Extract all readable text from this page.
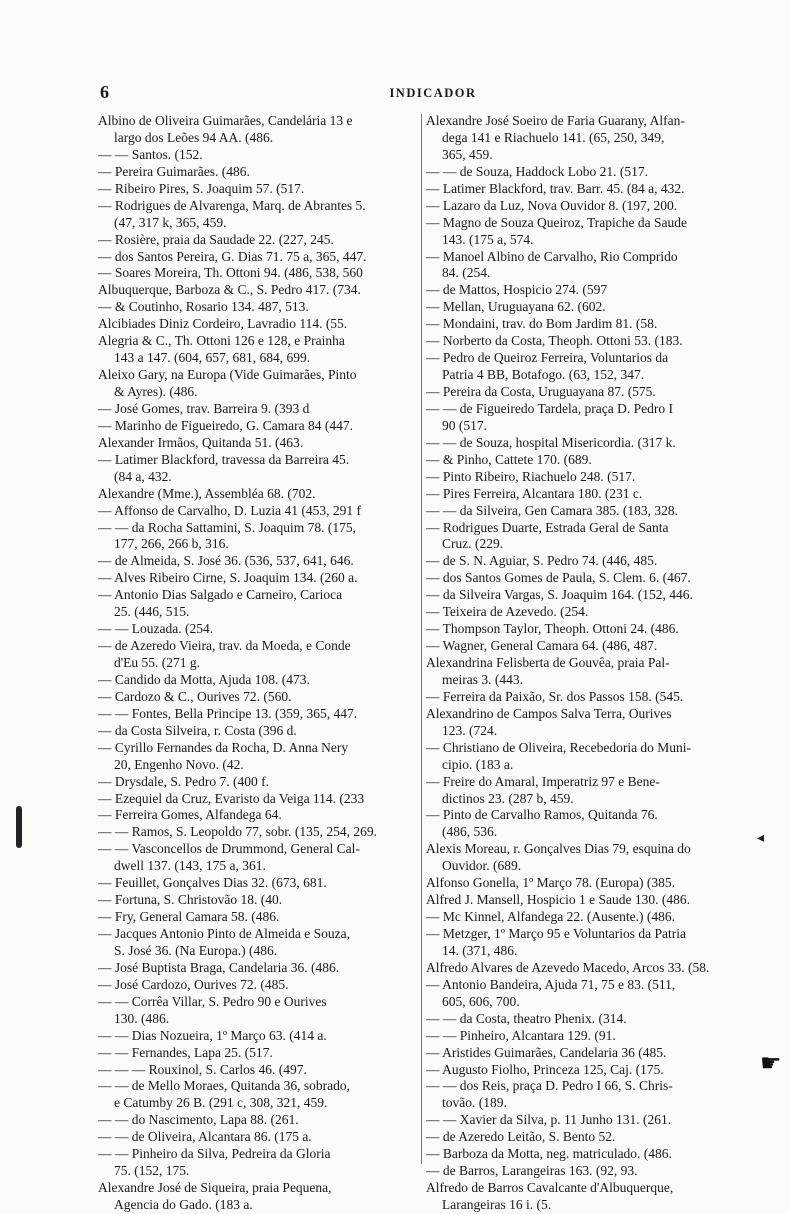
6	INDICADOR
Albino de Oliveira Guimarães, Candelária 13 e
largo dos Leões 94 AA. (486.
— — Santos. (152.
— Pereira Guimarães. (486.
— Ribeiro Pires, S. Joaquim 57. (517.
— Rodrigues de Alvarenga, Marq. de Abrantes 5.
(47, 317 k, 365, 459.
— Rosière, praia da Saudade 22. (227, 245.
— dos Santos Pereira, G. Dias 71. 75 a, 365, 447.
— Soares Moreira, Th. Ottoni 94. (486, 538, 560
Albuquerque, Barboza & C., S. Pedro 417. (734.
— & Coutinho, Rosario 134. 487, 513.
Alcibiades Diniz Cordeiro, Lavradio 114. (55.
Alegria & C., Th. Ottoni 126 e 128, e Prainha
143 a 147. (604, 657, 681, 684, 699.
Aleixo Gary, na Europa (Vide Guimarães, Pinto
& Ayres). (486.
— José Gomes, trav. Barreira 9. (393 d
— Marinho de Figueiredo, G. Camara 84 (447.
Alexander Irmãos, Quitanda 51. (463.
— Latimer Blackford, travessa da Barreira 45.
(84 a, 432.
Alexandre (Mme.), Assembléa 68. (702.
— Affonso de Carvalho, D. Luzia 41 (453, 291 f
— — da Rocha Sattamini, S. Joaquim 78. (175,
177, 266, 266 b, 316.
— de Almeida, S. José 36. (536, 537, 641, 646.
— Alves Ribeiro Cirne, S. Joaquim 134. (260 a.
— Antonio Dias Salgado e Carneiro, Carioca
25. (446, 515.
— — Louzada. (254.
— de Azeredo Vieira, trav. da Moeda, e Conde
d'Eu 55. (271 g.
— Candido da Motta, Ajuda 108. (473.
— Cardozo & C., Ourives 72. (560.
— — Fontes, Bella Principe 13. (359, 365, 447.
— da Costa Silveira, r. Costa (396 d.
— Cyrillo Fernandes da Rocha, D. Anna Nery
20, Engenho Novo. (42.
— Drysdale, S. Pedro 7. (400 f.
— Ezequiel da Cruz, Evaristo da Veiga 114. (233
— Ferreira Gomes, Alfandega 64.
— — Ramos, S. Leopoldo 77, sobr. (135, 254, 269.
— — Vasconcellos de Drummond, General Cal-
dwell 137. (143, 175 a, 361.
— Feuillet, Gonçalves Dias 32. (673, 681.
— Fortuna, S. Christovão 18. (40.
— Fry, General Camara 58. (486.
— Jacques Antonio Pinto de Almeida e Souza,
S. José 36. (Na Europa.) (486.
— José Buptista Braga, Candelaria 36. (486.
— José Cardozo, Ourives 72. (485.
— — Corrêa Villar, S. Pedro 90 e Ourives
130. (486.
— — Dias Nozueira, 1º Março 63. (414 a.
— — Fernandes, Lapa 25. (517.
— — — Rouxinol, S. Carlos 46. (497.
— — de Mello Moraes, Quitanda 36, sobrado,
e Catumby 26 B. (291 c, 308, 321, 459.
— — do Nascimento, Lapa 88. (261.
— — de Oliveira, Alcantara 86. (175 a.
— — Pinheiro da Silva, Pedreira da Gloria
75. (152, 175.
Alexandre José de Siqueira, praia Pequena,
Agencia do Gado. (183 a.
Alexandre José Soeiro de Faria Guarany, Alfan-
dega 141 e Riachuelo 141. (65, 250, 349,
365, 459.
— — de Souza, Haddock Lobo 21. (517.
— Latimer Blackford, trav. Barr. 45. (84 a, 432.
— Lazaro da Luz, Nova Ouvidor 8. (197, 200.
— Magno de Souza Queiroz, Trapiche da Saude
143. (175 a, 574.
— Manoel Albino de Carvalho, Rio Comprido
84. (254.
— de Mattos, Hospicio 274. (597
— Mellan, Uruguayana 62. (602.
— Mondaini, trav. do Bom Jardim 81. (58.
— Norberto da Costa, Theoph. Ottoni 53. (183.
— Pedro de Queiroz Ferreira, Voluntarios da
Patria 4 BB, Botafogo. (63, 152, 347.
— Pereira da Costa, Uruguayana 87. (575.
— — de Figueiredo Tardela, praça D. Pedro I
90 (517.
— — de Souza, hospital Misericordia. (317 k.
— & Pinho, Cattete 170. (689.
— Pinto Ribeiro, Riachuelo 248. (517.
— Pires Ferreira, Alcantara 180. (231 c.
— — da Silveira, Gen Camara 385. (183, 328.
— Rodrigues Duarte, Estrada Geral de Santa
Cruz. (229.
— de S. N. Aguiar, S. Pedro 74. (446, 485.
— dos Santos Gomes de Paula, S. Clem. 6. (467.
— da Silveira Vargas, S. Joaquim 164. (152, 446.
— Teixeira de Azevedo. (254.
— Thompson Taylor, Theoph. Ottoni 24. (486.
— Wagner, General Camara 64. (486, 487.
Alexandrina Felisberta de Gouvêa, praia Pal-
meiras 3. (443.
— Ferreira da Paixão, Sr. dos Passos 158. (545.
Alexandrino de Campos Salva Terra, Ourives
123. (724.
— Christiano de Oliveira, Recebedoria do Muni-
cipio. (183 a.
— Freire do Amaral, Imperatriz 97 e Bene-
dictinos 23. (287 b, 459.
— Pinto de Carvalho Ramos, Quitanda 76.
(486, 536.
Alexis Moreau, r. Gonçalves Dias 79, esquina do
Ouvidor. (689.
Alfonso Gonella, 1º Março 78. (Europa) (385.
Alfred J. Mansell, Hospicio 1 e Saude 130. (486.
— Mc Kinnel, Alfandega 22. (Ausente.) (486.
— Metzger, 1º Março 95 e Voluntarios da Patria
14. (371, 486.
Alfredo Alvares de Azevedo Macedo, Arcos 33. (58.
— Antonio Bandeira, Ajuda 71, 75 e 83. (511,
605, 606, 700.
— — da Costa, theatro Phenix. (314.
— — Pinheiro, Alcantara 129. (91.
— Aristides Guimarães, Candelaria 36 (485.
— Augusto Fiolho, Princeza 125, Caj. (175.
— — dos Reis, praça D. Pedro I 66, S. Chris-
tovão. (189.
— — Xavier da Silva, p. 11 Junho 131. (261.
— de Azeredo Leitão, S. Bento 52.
— Barboza da Motta, neg. matriculado. (486.
— de Barros, Larangeiras 163. (92, 93.
Alfredo de Barros Cavalcante d'Albuquerque,
Larangeiras 16 i. (5.
◂
☛
